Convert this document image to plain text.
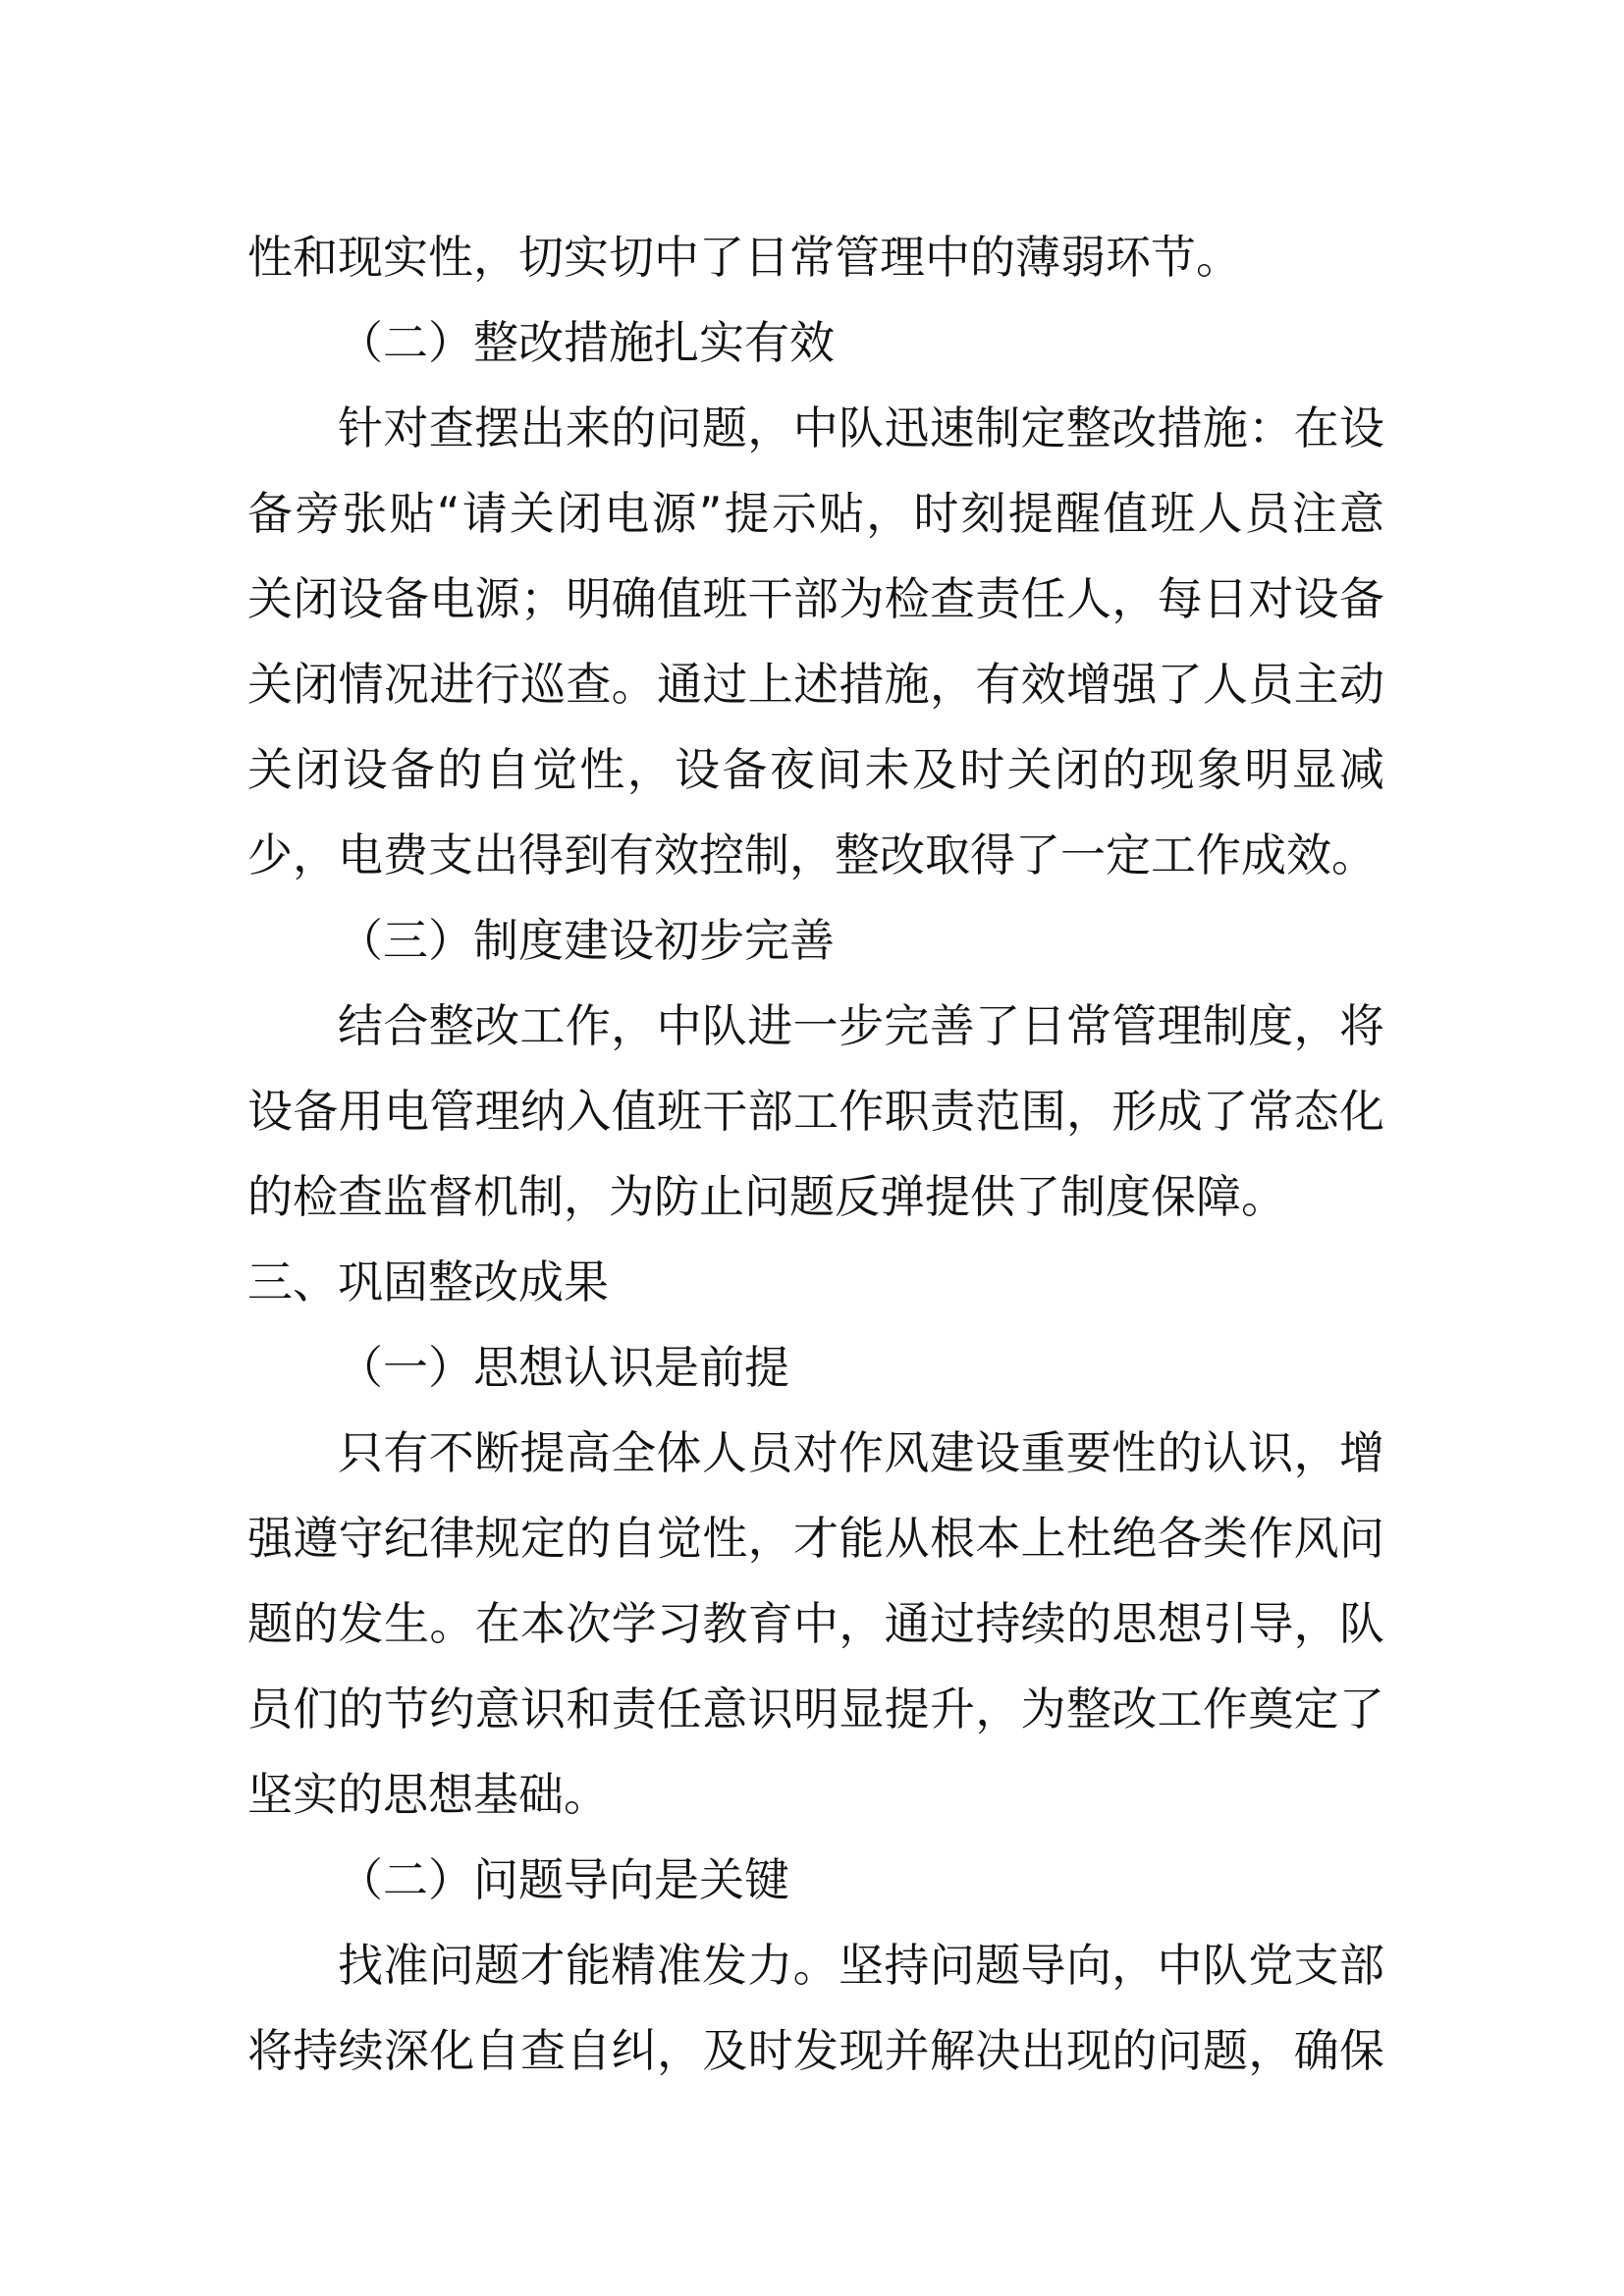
性和现实性，切实切中了日常管理中的薄弱环节。
（二）整改措施扎实有效
针对查摆出来的问题，中队迅速制定整改措施：在设
备旁张贴“请关闭电源”提示贴，时刻提醒值班人员注意
关闭设备电源；明确值班干部为检查责任人，每日对设备
关闭情况进行巡查。通过上述措施，有效增强了人员主动
关闭设备的自觉性，设备夜间未及时关闭的现象明显减
少，电费支出得到有效控制，整改取得了一定工作成效。
（三）制度建设初步完善
结合整改工作，中队进一步完善了日常管理制度，将
设备用电管理纳入值班干部工作职责范围，形成了常态化
的检查监督机制，为防止问题反弹提供了制度保障。
三、巩固整改成果
（一）思想认识是前提
只有不断提高全体人员对作风建设重要性的认识，增
强遵守纪律规定的自觉性，才能从根本上杜绝各类作风问
题的发生。在本次学习教育中，通过持续的思想引导，队
员们的节约意识和责任意识明显提升，为整改工作奠定了
坚实的思想基础。
（二）问题导向是关键
找准问题才能精准发力。坚持问题导向，中队党支部
将持续深化自查自纠，及时发现并解决出现的问题，确保
